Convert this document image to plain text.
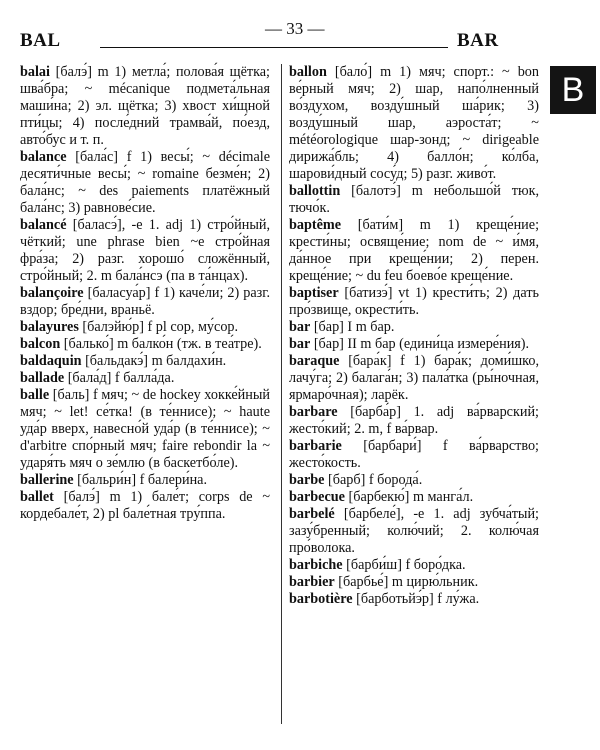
BAL
— 33 —
BAR
B
balai [балэ́] m 1) метла́; полова́я щётка; шва́бра; ~ mécanique подмета́льная маши́на; 2) эл. щётка; 3) хвост хи́щной пти́цы; 4) после́дний трамва́й, по́езд, авто́бус и т. п.
balance [бала́с] f 1) весы́; ~ décimale десяти́чные весы́; ~ romaine безме́н; 2) бала́нс; ~ des paiements платёжный бала́нс; 3) равнове́сие.
balancé [баласэ́], -e 1. adj 1) стро́йный, чёткий; une phrase bien ~e стро́йная фра́за; 2) разг. хорошо́ сложённый, стро́йный; 2. m бала́нсэ (па в та́нцах).
balançoire [баласуа́р] f 1) каче́ли; 2) разг. вздор; бре́дни, враньё.
balayures [балэйю́р] f pl сор, му́сор.
balcon [балько́] m балко́н (тж. в теа́тре).
baldaquin [бальдакэ́] m балдахи́н.
ballade [бала́д] f балла́да.
balle [баль] f мяч; ~ de hockey хокке́йный мяч; ~ let! се́тка! (в те́ннисе); ~ haute уда́р вверх, навесно́й уда́р (в те́ннисе); ~ d'arbitre спо́рный мяч; faire rebondir la ~ ударя́ть мяч о зе́млю (в баскетбо́ле).
ballerine [бальри́н] f балери́на.
ballet [балэ́] m 1) бале́т; corps de ~ кордебале́т, 2) pl бале́тная тру́ппа.
ballon [бало́] m 1) мяч; спорт.: ~ bon ве́рный мяч; 2) шар, напо́лненный во́здухом, возду́шный ша́рик; 3) возду́шный шар, аэроста́т; ~ météorologique шар-зонд; ~ dirigeable дирижа́бль; 4) балло́н; ко́лба, шарови́дный сосу́д; 5) разг. живо́т.
ballottin [балотэ́] m небольшо́й тюк, тючо́к.
baptême [бати́м] m 1) креще́ние; крести́ны; освяще́ние; nom de ~ и́мя, да́нное при креще́нии; 2) перен. креще́ние; ~ du feu боево́е креще́ние.
baptiser [батизэ́] vt 1) крести́ть; 2) дать про́звище, окрести́ть.
bar [бар] I m бар.
bar [бар] II m бар (едини́ца измере́ния).
baraque [бара́к] f 1) бара́к; доми́шко, лачу́га; 2) балага́н; 3) пала́тка (ры́ночная, ярмаро́чная); ларёк.
barbare [барба́р] 1. adj ва́рварский; жесто́кий; 2. m, f ва́рвар.
barbarie [барбари́] f ва́рварство; жесто́кость.
barbe [барб] f борода́.
barbecue [барбекю́] m манга́л.
barbelé [барбеле́], -e 1. adj зубча́тый; зазу́бренный; колю́чий; 2. колю́чая про́волока.
barbiche [барби́ш] f боро́дка.
barbier [барбье́] m цирю́льник.
barbotière [барботьйэ́р] f лу́жа.
